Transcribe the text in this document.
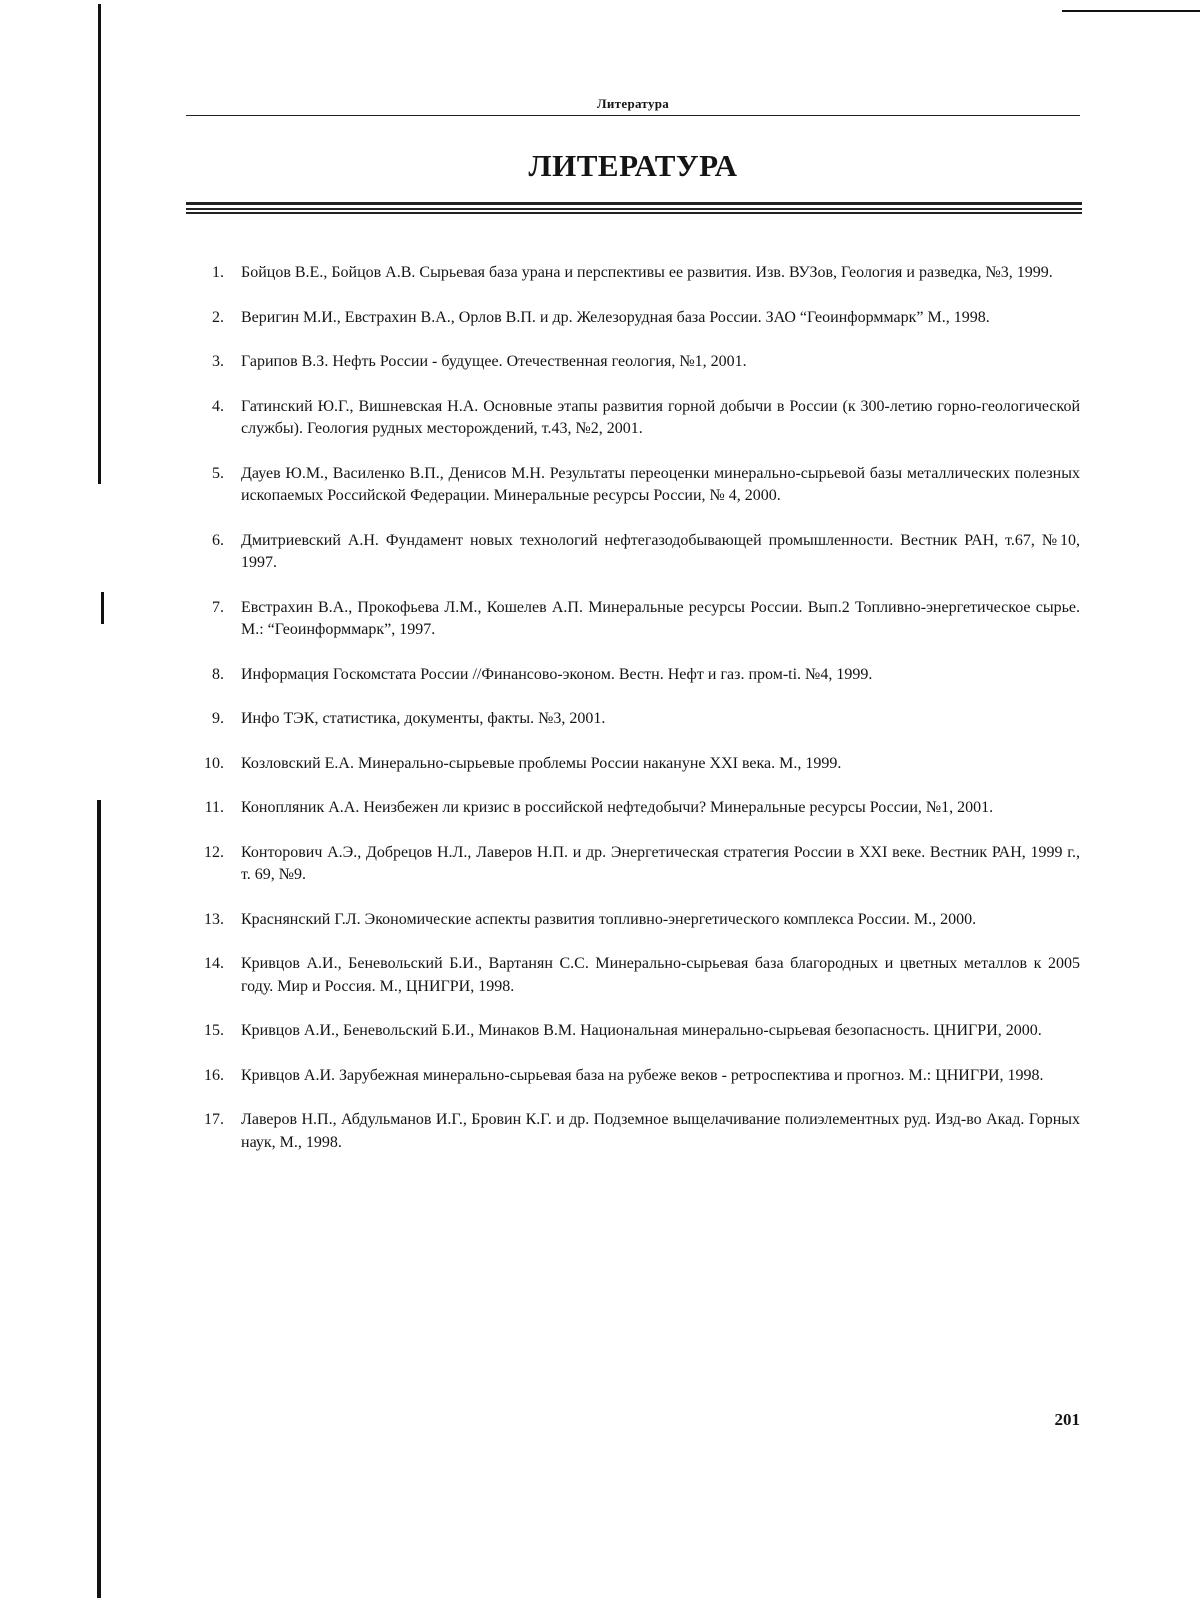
Литература
ЛИТЕРАТУРА
1. Бойцов В.Е., Бойцов А.В. Сырьевая база урана и перспективы ее развития. Изв. ВУЗов, Геология и разведка, №3, 1999.
2. Веригин М.И., Евстрахин В.А., Орлов В.П. и др. Железорудная база России. ЗАО “Геоинформмарк” М., 1998.
3. Гарипов В.З. Нефть России - будущее. Отечественная геология, №1, 2001.
4. Гатинский Ю.Г., Вишневская Н.А. Основные этапы развития горной добычи в России (к 300-летию горно-геологической службы). Геология рудных месторождений, т.43, №2, 2001.
5. Дауев Ю.М., Василенко В.П., Денисов М.Н. Результаты переоценки минерально-сырьевой базы металлических полезных ископаемых Российской Федерации. Минеральные ресурсы России, № 4, 2000.
6. Дмитриевский А.Н. Фундамент новых технологий нефтегазодобывающей промышленности. Вестник РАН, т.67, №10, 1997.
7. Евстрахин В.А., Прокофьева Л.М., Кошелев А.П. Минеральные ресурсы России. Вып.2 Топливно-энергетическое сырье. М.: “Геоинформмарк”, 1997.
8. Информация Госкомстата России //Финансово-эконом. Вестн. Нефт и газ. пром-ti. №4, 1999.
9. Инфо ТЭК, статистика, документы, факты. №3, 2001.
10. Козловский Е.А. Минерально-сырьевые проблемы России накануне XXI века. М., 1999.
11. Конопляник А.А. Неизбежен ли кризис в российской нефтедобычи? Минеральные ресурсы России, №1, 2001.
12. Конторович А.Э., Добрецов Н.Л., Лаверов Н.П. и др. Энергетическая стратегия России в XXI веке. Вестник РАН, 1999 г., т. 69, №9.
13. Краснянский Г.Л. Экономические аспекты развития топливно-энергетического комплекса России. М., 2000.
14. Кривцов А.И., Беневольский Б.И., Вартанян С.С. Минерально-сырьевая база благородных и цветных металлов к 2005 году. Мир и Россия. М., ЦНИГРИ, 1998.
15. Кривцов А.И., Беневольский Б.И., Минаков В.М. Национальная минерально-сырьевая безопасность. ЦНИГРИ, 2000.
16. Кривцов А.И. Зарубежная минерально-сырьевая база на рубеже веков - ретроспектива и прогноз. М.: ЦНИГРИ, 1998.
17. Лаверов Н.П., Абдульманов И.Г., Бровин К.Г. и др. Подземное выщелачивание полиэлементных руд. Изд-во Акад. Горных наук, М., 1998.
201
